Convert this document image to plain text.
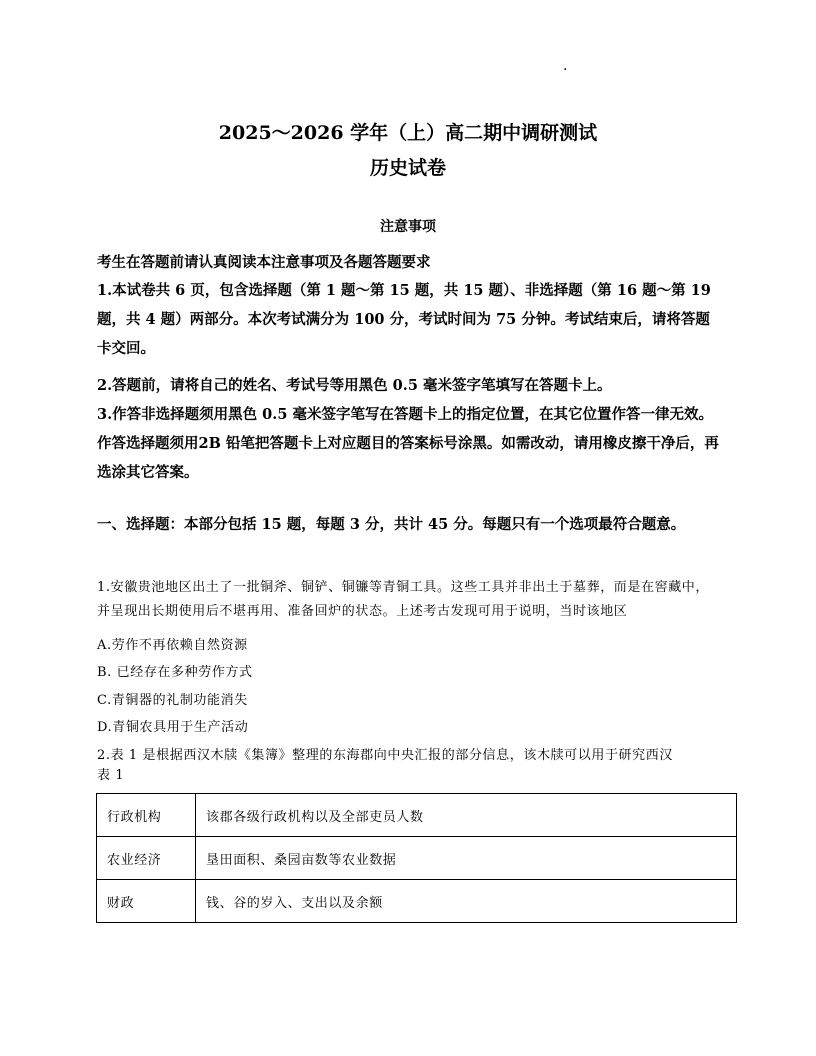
.
2025～2026 学年（上）高二期中调研测试
历史试卷
注意事项
考生在答题前请认真阅读本注意事项及各题答题要求
1.本试卷共 6 页，包含选择题（第 1 题～第 15 题，共 15 题）、非选择题（第 16 题～第 19 题，共 4 题）两部分。本次考试满分为 100 分，考试时间为 75 分钟。考试结束后，请将答题卡交回。
2.答题前，请将自己的姓名、考试号等用黑色 0.5 毫米签字笔填写在答题卡上。
3.作答非选择题须用黑色 0.5 毫米签字笔写在答题卡上的指定位置，在其它位置作答一律无效。作答选择题须用2B 铅笔把答题卡上对应题目的答案标号涂黑。如需改动，请用橡皮擦干净后，再选涂其它答案。
一、选择题：本部分包括 15 题，每题 3 分，共计 45 分。每题只有一个选项最符合题意。
1.安徽贵池地区出土了一批铜斧、铜铲、铜镰等青铜工具。这些工具并非出土于墓葬，而是在窖藏中，并呈现出长期使用后不堪再用、准备回炉的状态。上述考古发现可用于说明，当时该地区
A.劳作不再依赖自然资源
B. 已经存在多种劳作方式
C.青铜器的礼制功能消失
D.青铜农具用于生产活动
2.表 1 是根据西汉木牍《集簿》整理的东海郡向中央汇报的部分信息，该木牍可以用于研究西汉
表 1
行政机构	该郡各级行政机构以及全部吏员人数
农业经济	垦田面积、桑园亩数等农业数据
财政	钱、谷的岁入、支出以及余额
